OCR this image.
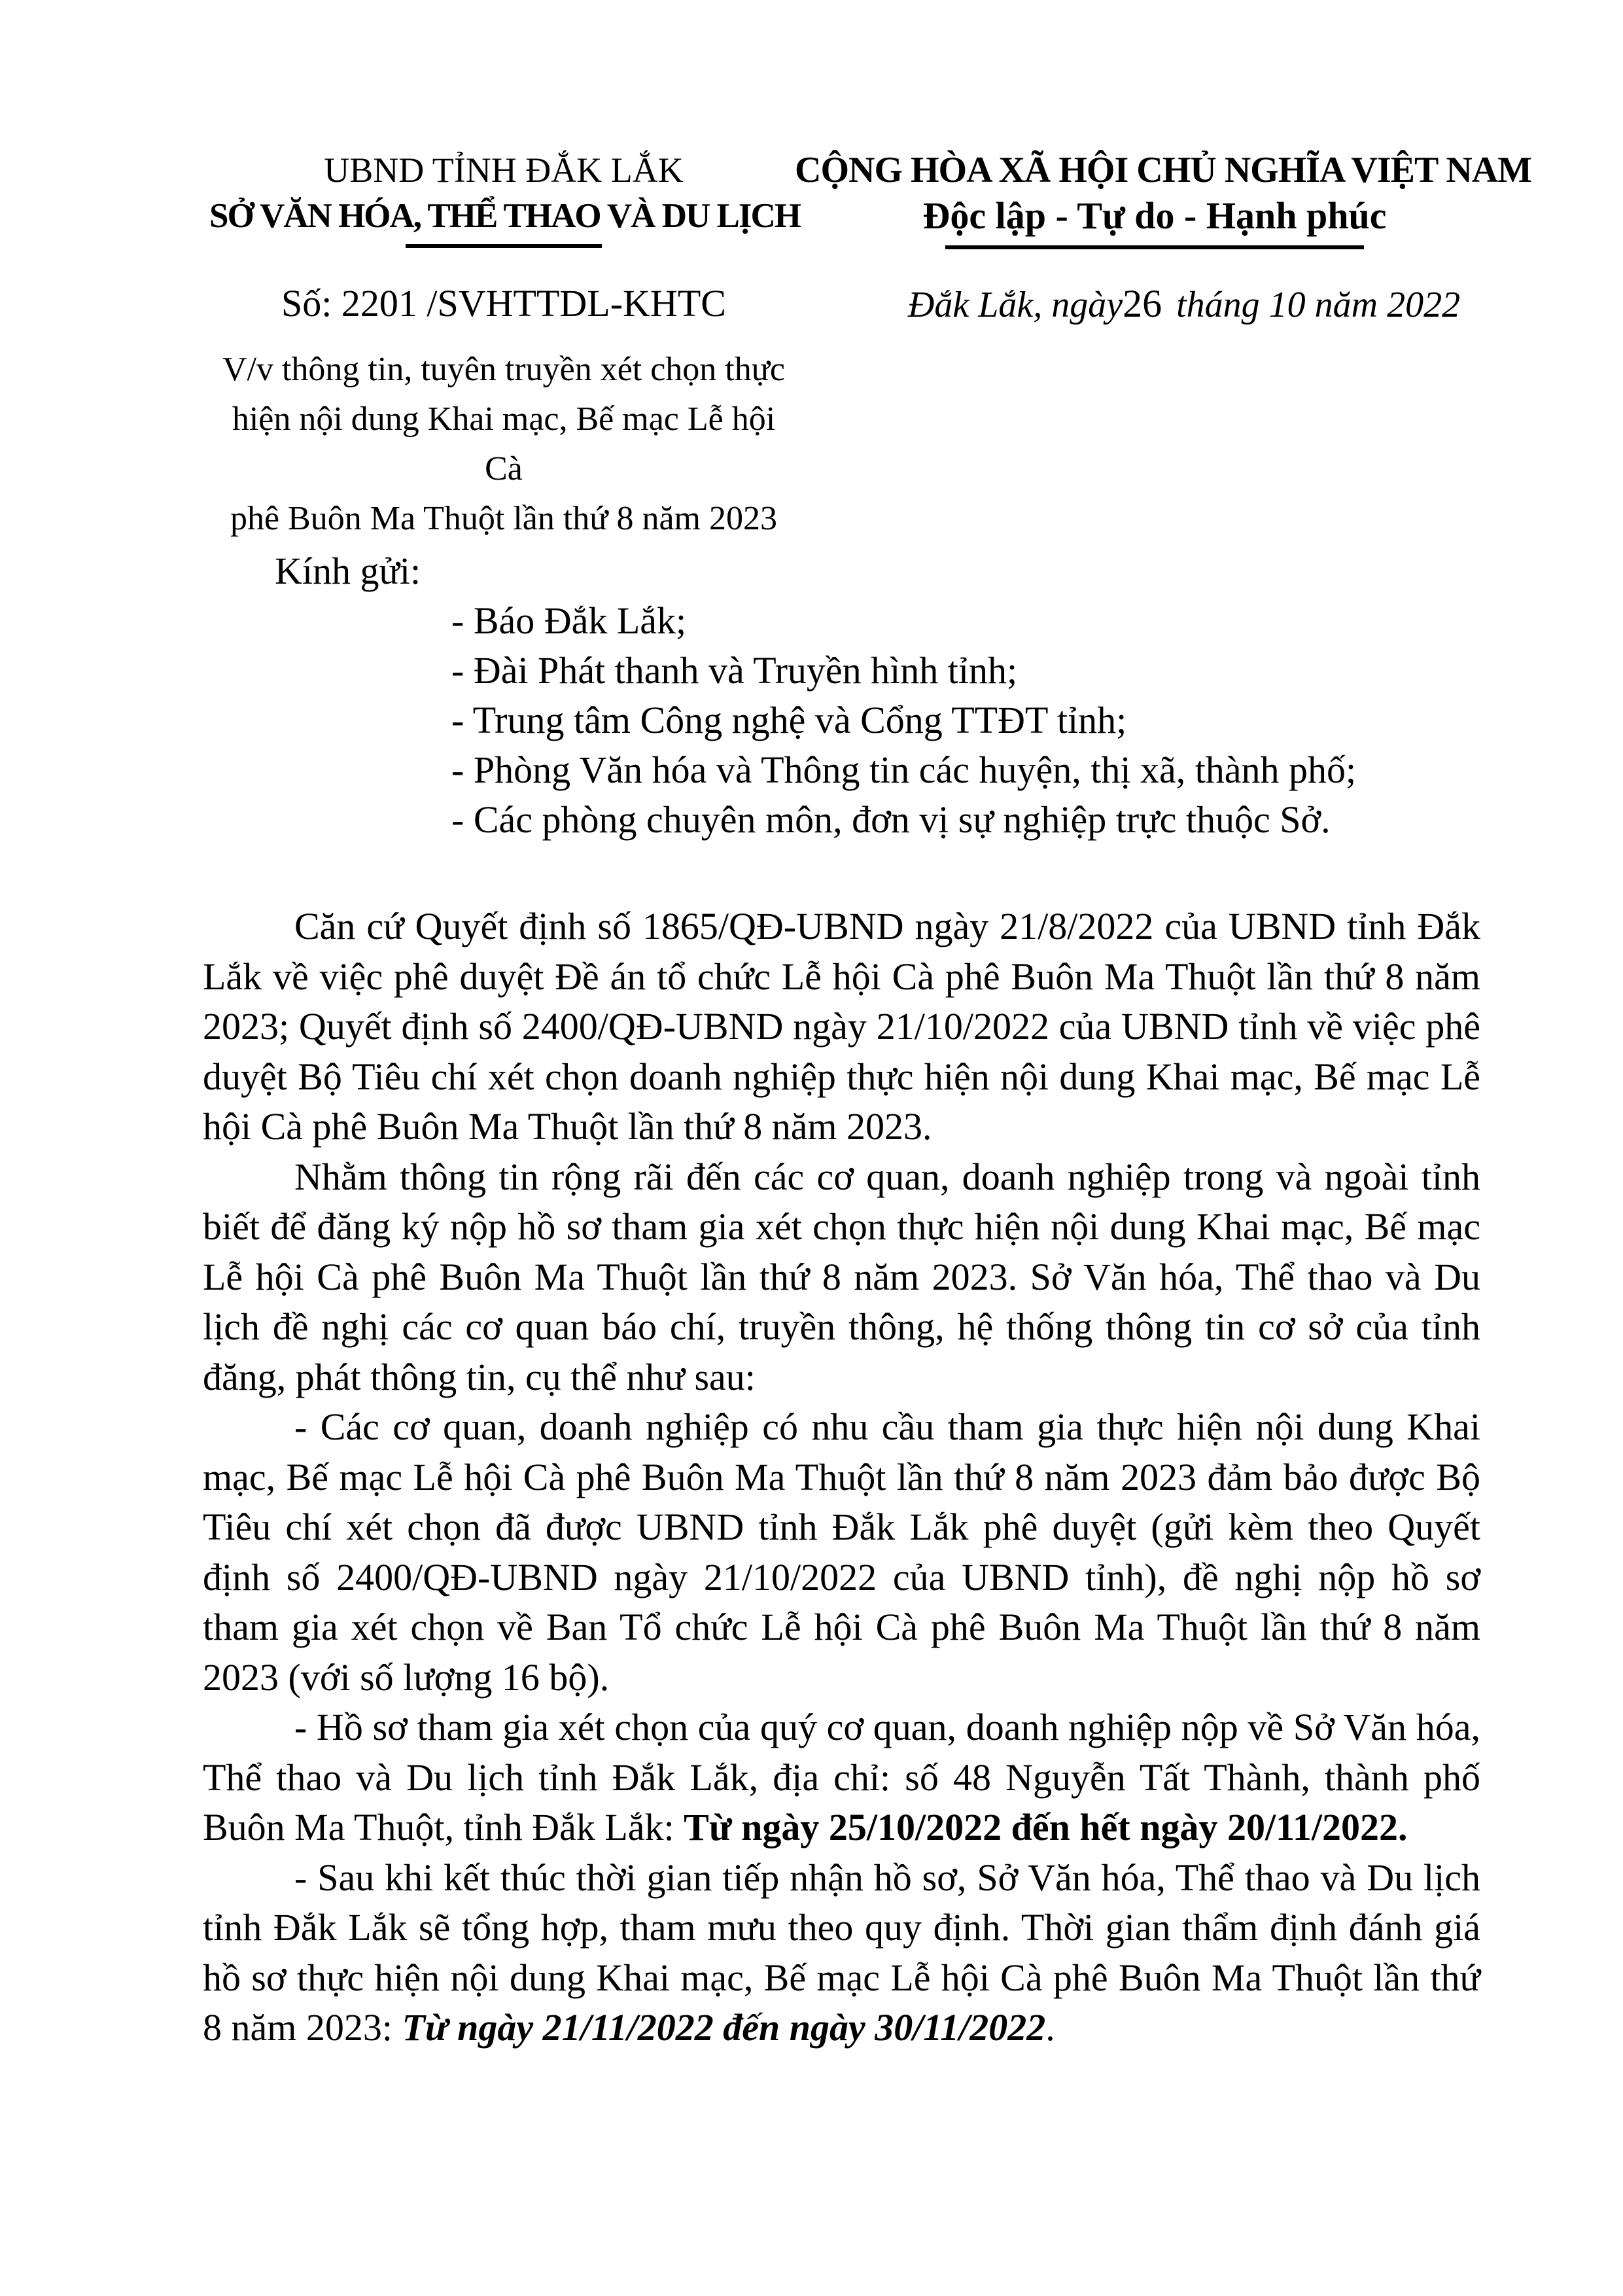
UBND TỈNH ĐẮK LẮK
SỞ VĂN HÓA, THỂ THAO VÀ DU LỊCH
Số: 2201 /SVHTTDL-KHTC
V/v thông tin, tuyên truyền xét chọn thực
hiện nội dung Khai mạc, Bế mạc Lễ hội Cà
phê Buôn Ma Thuột lần thứ 8 năm 2023
CỘNG HÒA XÃ HỘI CHỦ NGHĨA VIỆT NAM
Độc lập - Tự do - Hạnh phúc
Đắk Lắk, ngày26 tháng 10 năm 2022
Kính gửi:
- Báo Đắk Lắk;
- Đài Phát thanh và Truyền hình tỉnh;
- Trung tâm Công nghệ và Cổng TTĐT tỉnh;
- Phòng Văn hóa và Thông tin các huyện, thị xã, thành phố;
- Các phòng chuyên môn, đơn vị sự nghiệp trực thuộc Sở.

Căn cứ Quyết định số 1865/QĐ-UBND ngày 21/8/2022 của UBND tỉnh Đắk Lắk về việc phê duyệt Đề án tổ chức Lễ hội Cà phê Buôn Ma Thuột lần thứ 8 năm 2023; Quyết định số 2400/QĐ-UBND ngày 21/10/2022 của UBND tỉnh về việc phê duyệt Bộ Tiêu chí xét chọn doanh nghiệp thực hiện nội dung Khai mạc, Bế mạc Lễ hội Cà phê Buôn Ma Thuột lần thứ 8 năm 2023.

Nhằm thông tin rộng rãi đến các cơ quan, doanh nghiệp trong và ngoài tỉnh biết để đăng ký nộp hồ sơ tham gia xét chọn thực hiện nội dung Khai mạc, Bế mạc Lễ hội Cà phê Buôn Ma Thuột lần thứ 8 năm 2023. Sở Văn hóa, Thể thao và Du lịch đề nghị các cơ quan báo chí, truyền thông, hệ thống thông tin cơ sở của tỉnh đăng, phát thông tin, cụ thể như sau:

- Các cơ quan, doanh nghiệp có nhu cầu tham gia thực hiện nội dung Khai mạc, Bế mạc Lễ hội Cà phê Buôn Ma Thuột lần thứ 8 năm 2023 đảm bảo được Bộ Tiêu chí xét chọn đã được UBND tỉnh Đắk Lắk phê duyệt (gửi kèm theo Quyết định số 2400/QĐ-UBND ngày 21/10/2022 của UBND tỉnh), đề nghị nộp hồ sơ tham gia xét chọn về Ban Tổ chức Lễ hội Cà phê Buôn Ma Thuột lần thứ 8 năm 2023 (với số lượng 16 bộ).

- Hồ sơ tham gia xét chọn của quý cơ quan, doanh nghiệp nộp về Sở Văn hóa, Thể thao và Du lịch tỉnh Đắk Lắk, địa chỉ: số 48 Nguyễn Tất Thành, thành phố Buôn Ma Thuột, tỉnh Đắk Lắk: Từ ngày 25/10/2022 đến hết ngày 20/11/2022.

- Sau khi kết thúc thời gian tiếp nhận hồ sơ, Sở Văn hóa, Thể thao và Du lịch tỉnh Đắk Lắk sẽ tổng hợp, tham mưu theo quy định. Thời gian thẩm định đánh giá hồ sơ thực hiện nội dung Khai mạc, Bế mạc Lễ hội Cà phê Buôn Ma Thuột lần thứ 8 năm 2023: Từ ngày 21/11/2022 đến ngày 30/11/2022.
